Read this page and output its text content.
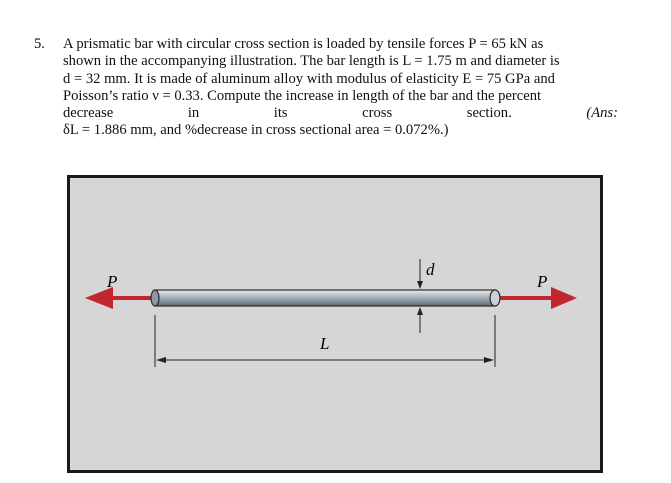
5. A prismatic bar with circular cross section is loaded by tensile forces P = 65 kN as
shown in the accompanying illustration. The bar length is L = 1.75 m and diameter is
d = 32 mm. It is made of aluminum alloy with modulus of elasticity E = 75 GPa and
Poisson’s ratio ν = 0.33. Compute the increase in length of the bar and the percent
decrease	in	its	cross	section.	(Ans:
δL = 1.886 mm, and %decrease in cross sectional area = 0.072%.)
P	P
d
L
